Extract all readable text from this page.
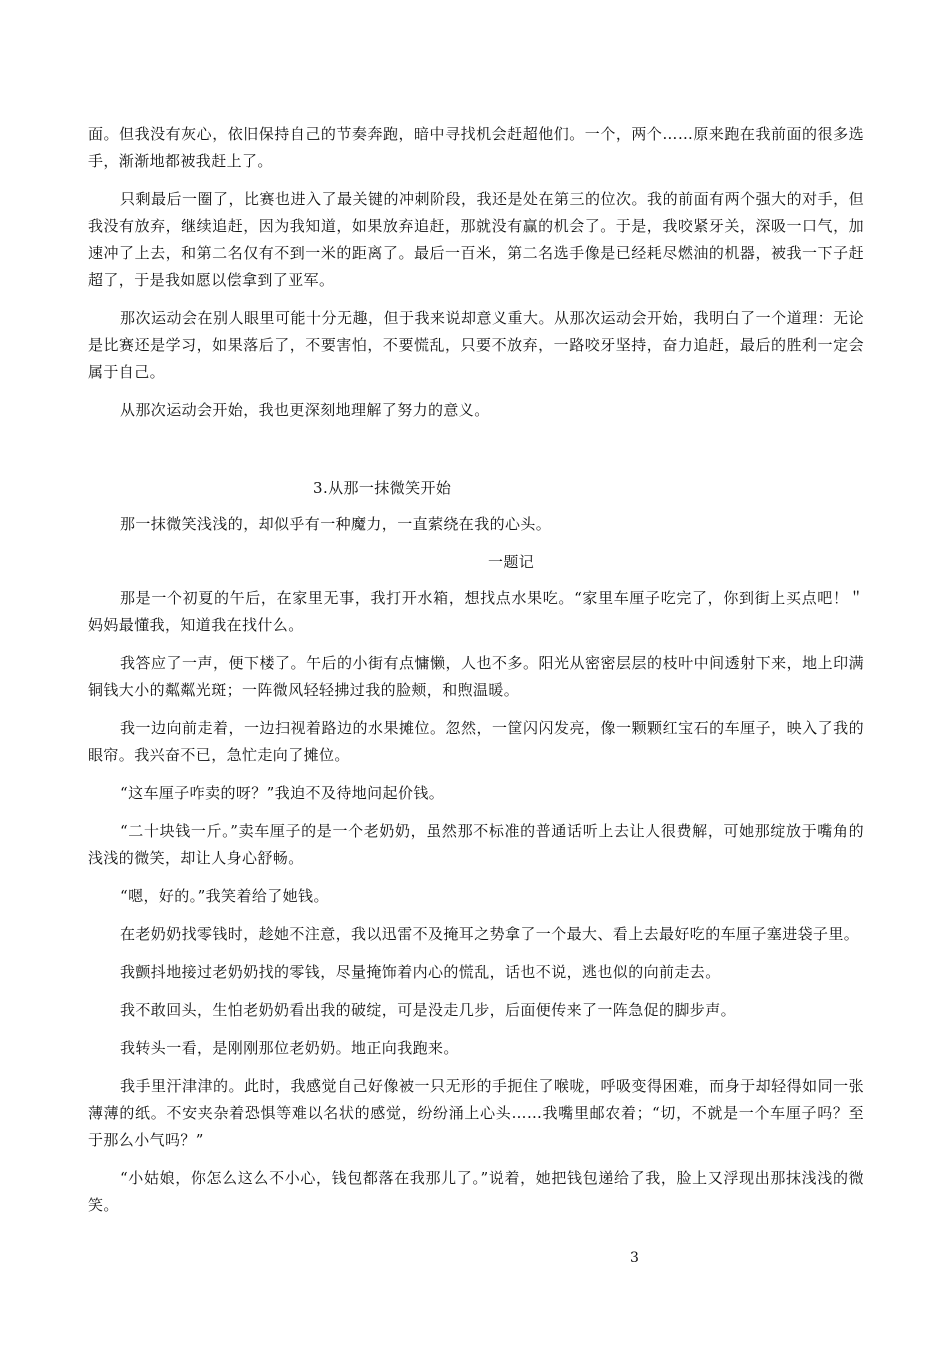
面。但我没有灰心，依旧保持自己的节奏奔跑，暗中寻找机会赶超他们。一个，两个……原来跑在我前面的很多选手，渐渐地都被我赶上了。

只剩最后一圈了，比赛也进入了最关键的冲刺阶段，我还是处在第三的位次。我的前面有两个强大的对手，但我没有放弃，继续追赶，因为我知道，如果放弃追赶，那就没有赢的机会了。于是，我咬紧牙关，深吸一口气，加速冲了上去，和第二名仅有不到一米的距离了。最后一百米，第二名选手像是已经耗尽燃油的机器，被我一下子赶超了，于是我如愿以偿拿到了亚军。

那次运动会在别人眼里可能十分无趣，但于我来说却意义重大。从那次运动会开始，我明白了一个道理：无论是比赛还是学习，如果落后了，不要害怕，不要慌乱，只要不放弃，一路咬牙坚持，奋力追赶，最后的胜利一定会属于自己。

从那次运动会开始，我也更深刻地理解了努力的意义。

3.从那一抹微笑开始

那一抹微笑浅浅的，却似乎有一种魔力，一直萦绕在我的心头。

一题记

那是一个初夏的午后，在家里无事，我打开水箱，想找点水果吃。“家里车厘子吃完了，你到街上买点吧！＂妈妈最懂我，知道我在找什么。

我答应了一声，便下楼了。午后的小街有点慵懒，人也不多。阳光从密密层层的枝叶中间透射下来，地上印满铜钱大小的粼粼光斑；一阵微风轻轻拂过我的脸颊，和煦温暖。

我一边向前走着，一边扫视着路边的水果摊位。忽然，一筐闪闪发亮，像一颗颗红宝石的车厘子，映入了我的眼帘。我兴奋不已，急忙走向了摊位。

“这车厘子咋卖的呀？”我迫不及待地问起价钱。

“二十块钱一斤。”卖车厘子的是一个老奶奶，虽然那不标准的普通话听上去让人很费解，可她那绽放于嘴角的浅浅的微笑，却让人身心舒畅。

“嗯，好的。”我笑着给了她钱。

在老奶奶找零钱时，趁她不注意，我以迅雷不及掩耳之势拿了一个最大、看上去最好吃的车厘子塞进袋子里。

我颤抖地接过老奶奶找的零钱，尽量掩饰着内心的慌乱，话也不说，逃也似的向前走去。

我不敢回头，生怕老奶奶看出我的破绽，可是没走几步，后面便传来了一阵急促的脚步声。

我转头一看，是刚刚那位老奶奶。地正向我跑来。

我手里汗津津的。此时，我感觉自己好像被一只无形的手扼住了喉咙，呼吸变得困难，而身于却轻得如同一张薄薄的纸。不安夹杂着恐惧等难以名状的感觉，纷纷涌上心头……我嘴里邮农着；“切，不就是一个车厘子吗？至于那么小气吗？”

“小姑娘，你怎么这么不小心，钱包都落在我那儿了。”说着，她把钱包递给了我，脸上又浮现出那抹浅浅的微笑。

3
